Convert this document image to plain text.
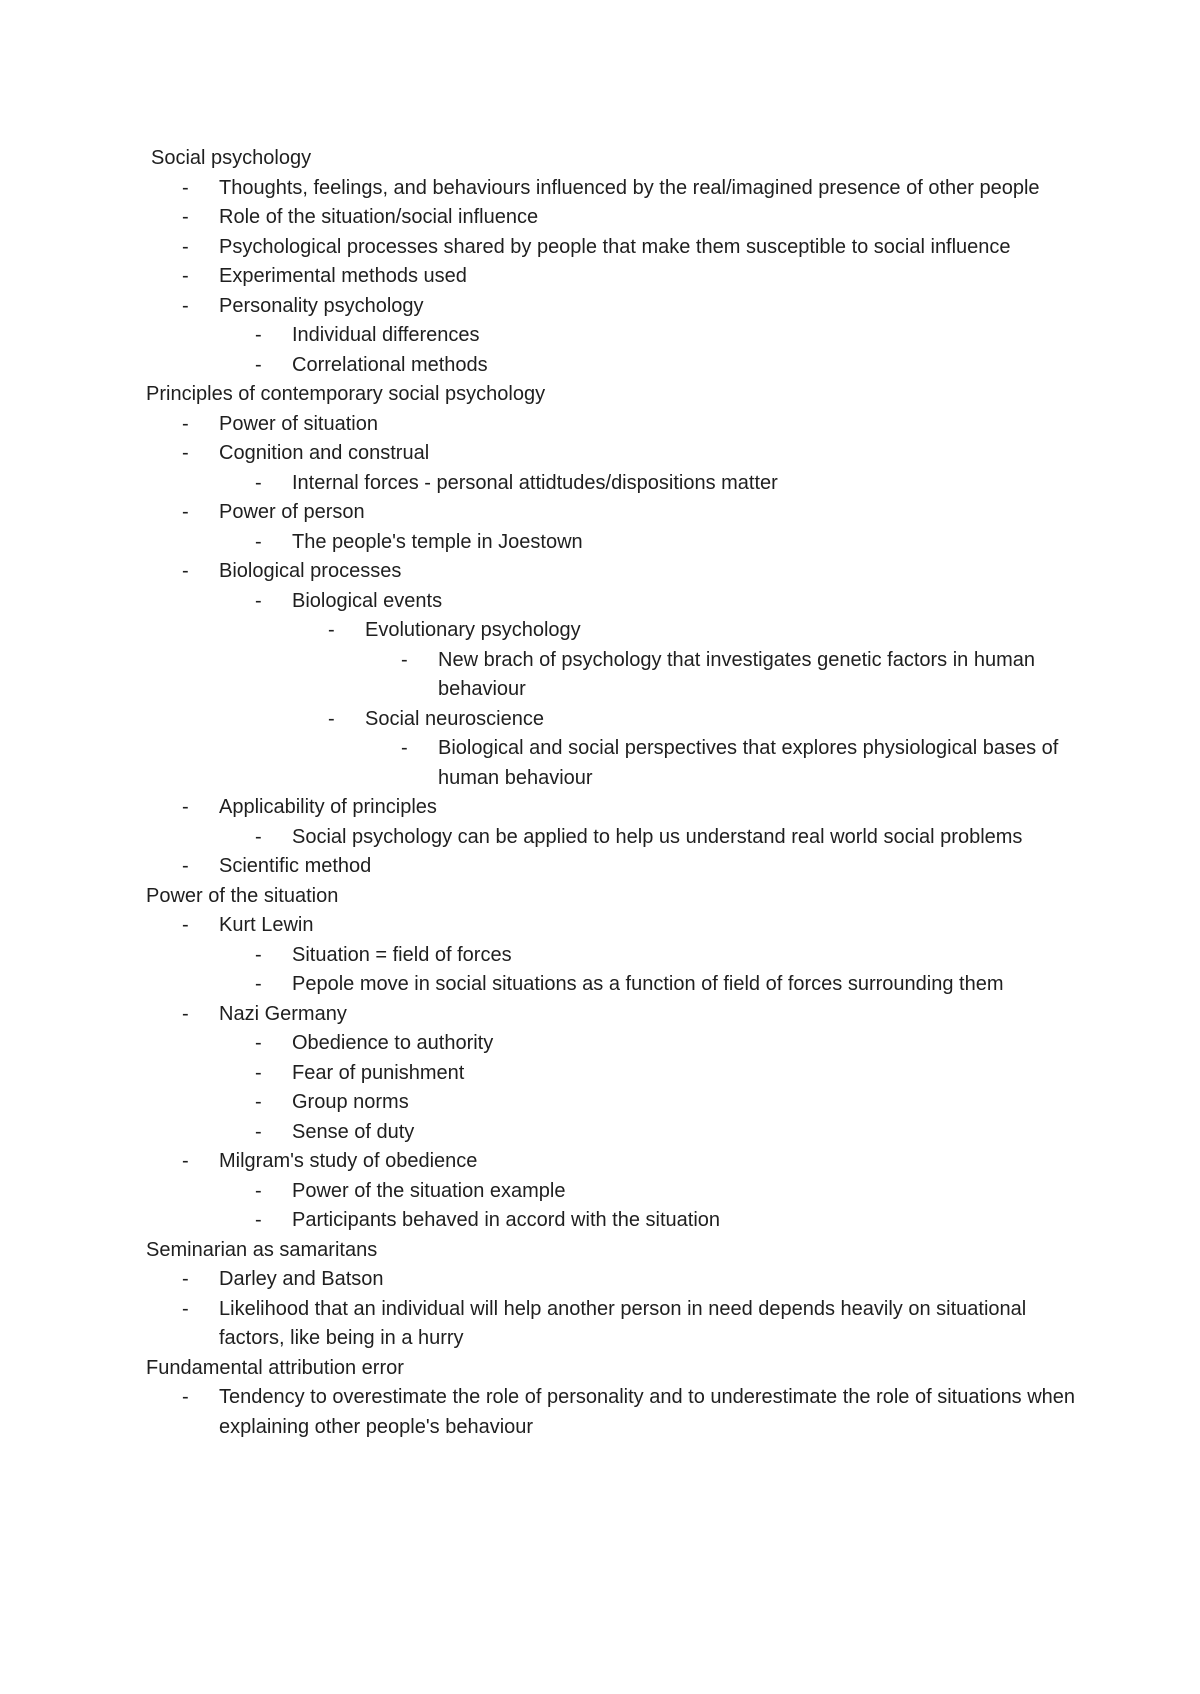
Social psychology
- Thoughts, feelings, and behaviours influenced by the real/imagined presence of other people
- Role of the situation/social influence
- Psychological processes shared by people that make them susceptible to social influence
- Experimental methods used
- Personality psychology
- Individual differences
- Correlational methods
Principles of contemporary social psychology
- Power of situation
- Cognition and construal
- Internal forces - personal attidtudes/dispositions matter
- Power of person
- The people's temple in Joestown
- Biological processes
- Biological events
- Evolutionary psychology
- New brach of psychology that investigates genetic factors in human behaviour
- Social neuroscience
- Biological and social perspectives that explores physiological bases of human behaviour
- Applicability of principles
- Social psychology can be applied to help us understand real world social problems
- Scientific method
Power of the situation
- Kurt Lewin
- Situation = field of forces
- Pepole move in social situations as a function of field of forces surrounding them
- Nazi Germany
- Obedience to authority
- Fear of punishment
- Group norms
- Sense of duty
- Milgram's study of obedience
- Power of the situation example
- Participants behaved in accord with the situation
Seminarian as samaritans
- Darley and Batson
- Likelihood that an individual will help another person in need depends heavily on situational factors, like being in a hurry
Fundamental attribution error
- Tendency to overestimate the role of personality and to underestimate the role of situations when explaining other people's behaviour
